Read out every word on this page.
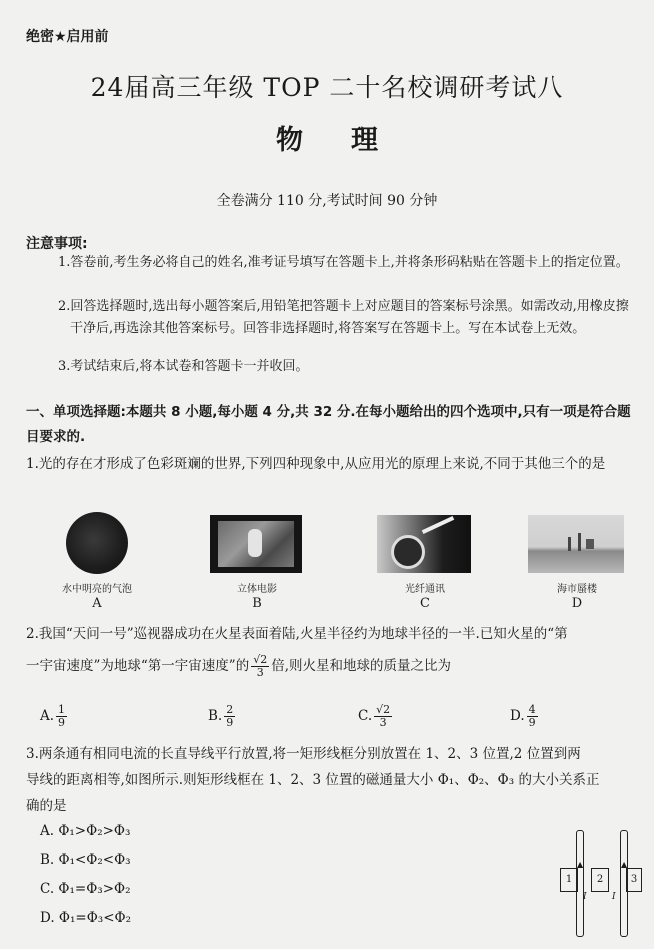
绝密★启用前
24届高三年级 TOP 二十名校调研考试八
物理
全卷满分 110 分,考试时间 90 分钟
注意事项:
1.答卷前,考生务必将自己的姓名,准考证号填写在答题卡上,并将条形码粘贴在答题卡上的指定位置。
2.回答选择题时,选出每小题答案后,用铅笔把答题卡上对应题目的答案标号涂黑。如需改动,用橡皮擦干净后,再选涂其他答案标号。回答非选择题时,将答案写在答题卡上。写在本试卷上无效。
3.考试结束后,将本试卷和答题卡一并收回。
一、单项选择题:本题共 8 小题,每小题 4 分,共 32 分.在每小题给出的四个选项中,只有一项是符合题目要求的.
1.光的存在才形成了色彩斑斓的世界,下列四种现象中,从应用光的原理上来说,不同于其他三个的是
水中明亮的气泡	立体电影	光纤通讯	海市蜃楼
A	B	C	D
2.我国“天问一号”巡视器成功在火星表面着陆,火星半径约为地球半径的一半.已知火星的“第
一宇宙速度”为地球“第一宇宙速度”的 $\frac{√2}{3}$ 倍,则火星和地球的质量之比为
A. $\frac{1}{9}$	B. $\frac{2}{9}$	C. $\frac{√2}{3}$	D. $\frac{4}{9}$
3.两条通有相同电流的长直导线平行放置,将一矩形线框分别放置在 1、2、3 位置,2 位置到两
导线的距离相等,如图所示.则矩形线框在 1、2、3 位置的磁通量大小 Φ₁、Φ₂、Φ₃ 的大小关系正
确的是
A. Φ₁>Φ₂>Φ₃
B. Φ₁<Φ₂<Φ₃
C. Φ₁=Φ₃>Φ₂
D. Φ₁=Φ₃<Φ₂
1	2	3
I	I
▲	▲
